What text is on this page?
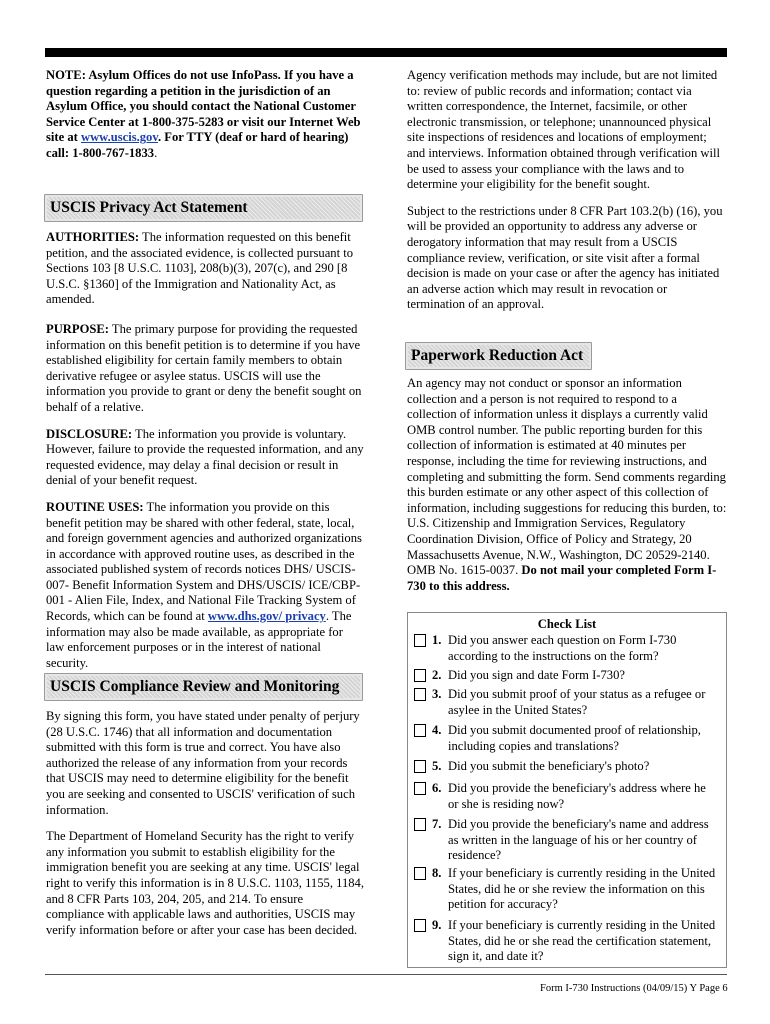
NOTE: Asylum Offices do not use InfoPass. If you have a question regarding a petition in the jurisdiction of an Asylum Office, you should contact the National Customer Service Center at 1-800-375-5283 or visit our Internet Web site at www.uscis.gov. For TTY (deaf or hard of hearing) call: 1-800-767-1833.
USCIS Privacy Act Statement

AUTHORITIES: The information requested on this benefit petition, and the associated evidence, is collected pursuant to Sections 103 [8 U.S.C. 1103], 208(b)(3), 207(c), and 290 [8 U.S.C. §1360] of the Immigration and Nationality Act, as amended.

PURPOSE: The primary purpose for providing the requested information on this benefit petition is to determine if you have established eligibility for certain family members to obtain derivative refugee or asylee status. USCIS will use the information you provide to grant or deny the benefit sought on behalf of a relative.

DISCLOSURE: The information you provide is voluntary. However, failure to provide the requested information, and any requested evidence, may delay a final decision or result in denial of your benefit request.

ROUTINE USES: The information you provide on this benefit petition may be shared with other federal, state, local, and foreign government agencies and authorized organizations in accordance with approved routine uses, as described in the associated published system of records notices DHS/ USCIS-007- Benefit Information System and DHS/USCIS/ ICE/CBP-001 - Alien File, Index, and National File Tracking System of Records, which can be found at www.dhs.gov/ privacy. The information may also be made available, as appropriate for law enforcement purposes or in the interest of national security.

USCIS Compliance Review and Monitoring

By signing this form, you have stated under penalty of perjury (28 U.S.C. 1746) that all information and documentation submitted with this form is true and correct. You have also authorized the release of any information from your records that USCIS may need to determine eligibility for the benefit you are seeking and consented to USCIS' verification of such information.

The Department of Homeland Security has the right to verify any information you submit to establish eligibility for the immigration benefit you are seeking at any time. USCIS' legal right to verify this information is in 8 U.S.C. 1103, 1155, 1184, and 8 CFR Parts 103, 204, 205, and 214. To ensure compliance with applicable laws and authorities, USCIS may verify information before or after your case has been decided.

Agency verification methods may include, but are not limited to: review of public records and information; contact via written correspondence, the Internet, facsimile, or other electronic transmission, or telephone; unannounced physical site inspections of residences and locations of employment; and interviews. Information obtained through verification will be used to assess your compliance with the laws and to determine your eligibility for the benefit sought.

Subject to the restrictions under 8 CFR Part 103.2(b) (16), you will be provided an opportunity to address any adverse or derogatory information that may result from a USCIS compliance review, verification, or site visit after a formal decision is made on your case or after the agency has initiated an adverse action which may result in revocation or termination of an approval.

Paperwork Reduction Act

An agency may not conduct or sponsor an information collection and a person is not required to respond to a collection of information unless it displays a currently valid OMB control number. The public reporting burden for this collection of information is estimated at 40 minutes per response, including the time for reviewing instructions, and completing and submitting the form. Send comments regarding this burden estimate or any other aspect of this collection of information, including suggestions for reducing this burden, to: U.S. Citizenship and Immigration Services, Regulatory Coordination Division, Office of Policy and Strategy, 20 Massachusetts Avenue, N.W., Washington, DC 20529-2140. OMB No. 1615-0037. Do not mail your completed Form I-730 to this address.

Check List
1. Did you answer each question on Form I-730 according to the instructions on the form?
2. Did you sign and date Form I-730?
3. Did you submit proof of your status as a refugee or asylee in the United States?
4. Did you submit documented proof of relationship, including copies and translations?
5. Did you submit the beneficiary's photo?
6. Did you provide the beneficiary's address where he or she is residing now?
7. Did you provide the beneficiary's name and address as written in the language of his or her country of residence?
8. If your beneficiary is currently residing in the United States, did he or she review the information on this petition for accuracy?
9. If your beneficiary is currently residing in the United States, did he or she read the certification statement, sign it, and date it?
Form I-730 Instructions (04/09/15) Y Page 6
